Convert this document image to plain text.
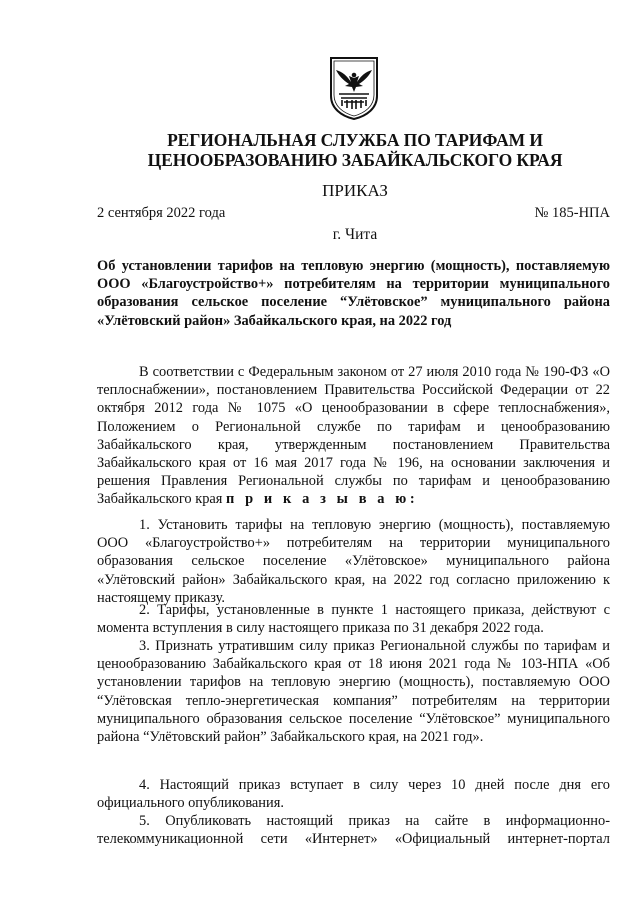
РЕГИОНАЛЬНАЯ СЛУЖБА ПО ТАРИФАМ И
ЦЕНООБРАЗОВАНИЮ ЗАБАЙКАЛЬСКОГО КРАЯ
ПРИКАЗ
2 сентября 2022 года	№ 185-НПА
г. Чита
Об установлении тарифов на тепловую энергию (мощность), поставляемую ООО «Благоустройство+» потребителям на территории муниципального образования сельское поселение “Улётовское” муниципального района «Улётовский район» Забайкальского края, на 2022 год

В соответствии с Федеральным законом от 27 июля 2010 года № 190-ФЗ «О теплоснабжении», постановлением Правительства Российской Федерации от 22 октября 2012 года № 1075 «О ценообразовании в сфере теплоснабжения», Положением о Региональной службе по тарифам и ценообразованию Забайкальского края, утвержденным постановлением Правительства Забайкальского края от 16 мая 2017 года № 196, на основании заключения и решения Правления Региональной службы по тарифам и ценообразованию Забайкальского края п р и к а з ы в а ю:

1. Установить тарифы на тепловую энергию (мощность), поставляемую ООО «Благоустройство+» потребителям на территории муниципального образования сельское поселение «Улётовское» муниципального района «Улётовский район» Забайкальского края, на 2022 год согласно приложению к настоящему приказу.

2. Тарифы, установленные в пункте 1 настоящего приказа, действуют с момента вступления в силу настоящего приказа по 31 декабря 2022 года.

3. Признать утратившим силу приказ Региональной службы по тарифам и ценообразованию Забайкальского края от 18 июня 2021 года № 103-НПА «Об установлении тарифов на тепловую энергию (мощность), поставляемую ООО “Улётовская тепло-энергетическая компания” потребителям на территории муниципального образования сельское поселение “Улётовское” муниципального района “Улётовский район” Забайкальского края, на 2021 год».

4. Настоящий приказ вступает в силу через 10 дней после дня его официального опубликования.

5. Опубликовать настоящий приказ на сайте в информационно-телекоммуникационной сети «Интернет» «Официальный интернет-портал
